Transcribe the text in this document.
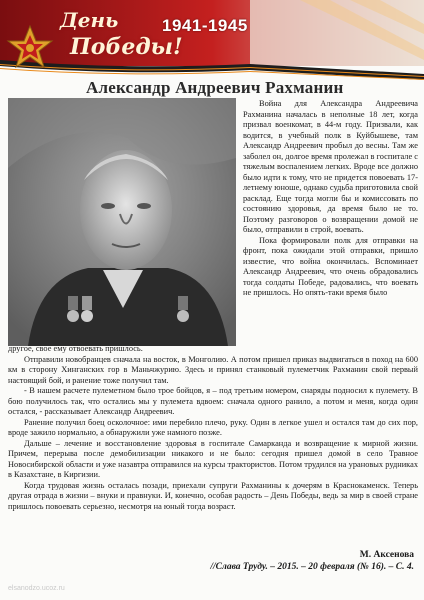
День
Победы!
1941-1945
Александр Андреевич Рахманин

Война для Александра Андреевича Рахманина началась в неполные 18 лет, когда призвал военкомат, в 44-м году. Призвали, как водится, в учебный полк в Куйбышеве, там Александр Андреевич пробыл до весны. Там же заболел он, долгое время пролежал в госпитале с тяжелым воспалением легких. Вроде все должно было идти к тому, что не придется повоевать 17-летнему юноше, однако судьба приготовила свой расклад. Еще тогда могли бы и комиссовать по состоянию здоровья, да время было не то. Поэтому разговоров о возвращении домой не было, отправили в строй, воевать.

Пока формировали полк для отправки на фронт, пока ожидали этой отправки, пришло известие, что война окончилась. Вспоминает Александр Андреевич, что очень обрадовались тогда солдаты Победе, радовались, что воевать не пришлось. Но опять-таки время было

другое, свое ему отвоевать пришлось.

Отправили новобранцев сначала на восток, в Монголию. А потом пришел приказ выдвигаться в поход на 600 км в сторону Хинганских гор в Маньчжурию. Здесь и принял станковый пулеметчик Рахманин свой первый настоящий бой, и ранение тоже получил там.

- В нашем расчете пулеметном было трое бойцов, я – под третьим номером, снаряды подносил к пулемету. В бою получилось так, что остались мы у пулемета вдвоем: сначала одного ранило, а потом и меня, когда один остался, - рассказывает Александр Андреевич.

Ранение получил боец осколочное: ими перебило плечо, руку. Один в легкое ушел и остался там до сих пор, вроде зажило нормально, а обнаружили уже намного позже.

Дальше – лечение и восстановление здоровья в госпитале Самарканда и возвращение к мирной жизни. Причем, перерыва после демобилизации никакого и не было: сегодня пришел домой в село Травное Новосибирской области и уже назавтра отправился на курсы трактористов. Потом трудился на урановых рудниках в Казахстане, в Киргизии.

Когда трудовая жизнь осталась позади, приехали супруги Рахманины к дочерям в Краснокаменск. Теперь другая отрада в жизни – внуки и правнуки. И, конечно, особая радость – День Победы, ведь за мир в своей стране пришлось повоевать серьезно, несмотря на юный тогда возраст.

М. Аксенова
//Слава Труду. – 2015. – 20 февраля (№ 16). – С. 4.
elsanodzo.ucoz.ru
